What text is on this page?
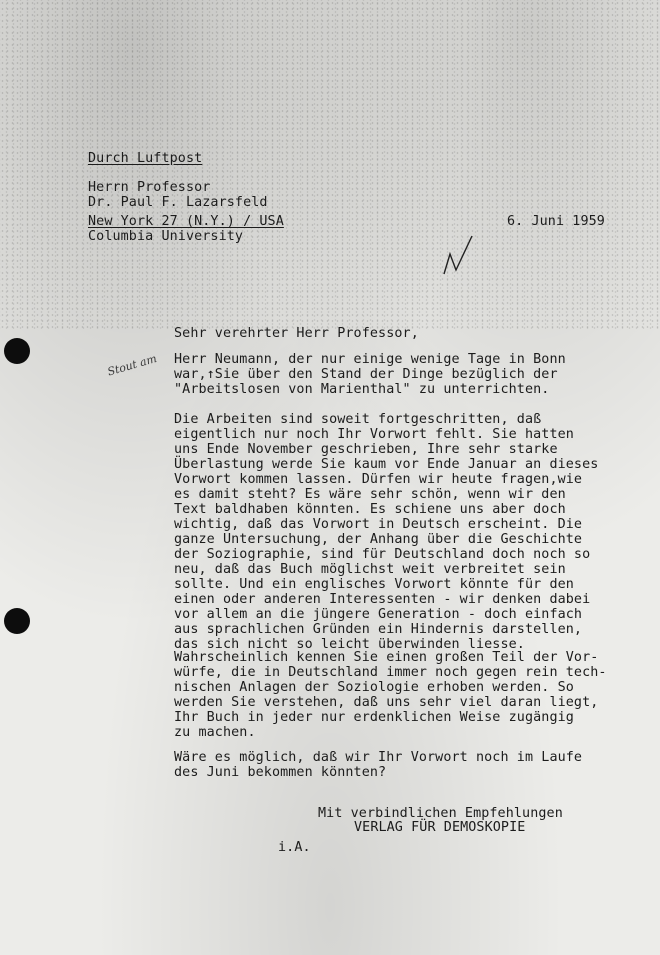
Durch Luftpost
Herrn Professor
Dr. Paul F. Lazarsfeld
New York 27 (N.Y.) / USA
Columbia University
6. Juni 1959
Stout am
Sehr verehrter Herr Professor,
Herr Neumann, der nur einige wenige Tage in Bonn
war,↑Sie über den Stand der Dinge bezüglich der
"Arbeitslosen von Marienthal" zu unterrichten.
Die Arbeiten sind soweit fortgeschritten, daß
eigentlich nur noch Ihr Vorwort fehlt. Sie hatten
uns Ende November geschrieben, Ihre sehr starke
Überlastung werde Sie kaum vor Ende Januar an dieses
Vorwort kommen lassen. Dürfen wir heute fragen,wie
es damit steht? Es wäre sehr schön, wenn wir den
Text baldhaben könnten. Es schiene uns aber doch
wichtig, daß das Vorwort in Deutsch erscheint. Die
ganze Untersuchung, der Anhang über die Geschichte
der Soziographie, sind für Deutschland doch noch so
neu, daß das Buch möglichst weit verbreitet sein
sollte. Und ein englisches Vorwort könnte für den
einen oder anderen Interessenten - wir denken dabei
vor allem an die jüngere Generation - doch einfach
aus sprachlichen Gründen ein Hindernis darstellen,
das sich nicht so leicht überwinden liesse.
Wahrscheinlich kennen Sie einen großen Teil der Vor-
würfe, die in Deutschland immer noch gegen rein tech-
nischen Anlagen der Soziologie erhoben werden. So
werden Sie verstehen, daß uns sehr viel daran liegt,
Ihr Buch in jeder nur erdenklichen Weise zugängig
zu machen.
Wäre es möglich, daß wir Ihr Vorwort noch im Laufe
des Juni bekommen könnten?
Mit verbindlichen Empfehlungen
VERLAG FÜR DEMOSKOPIE
i.A.
